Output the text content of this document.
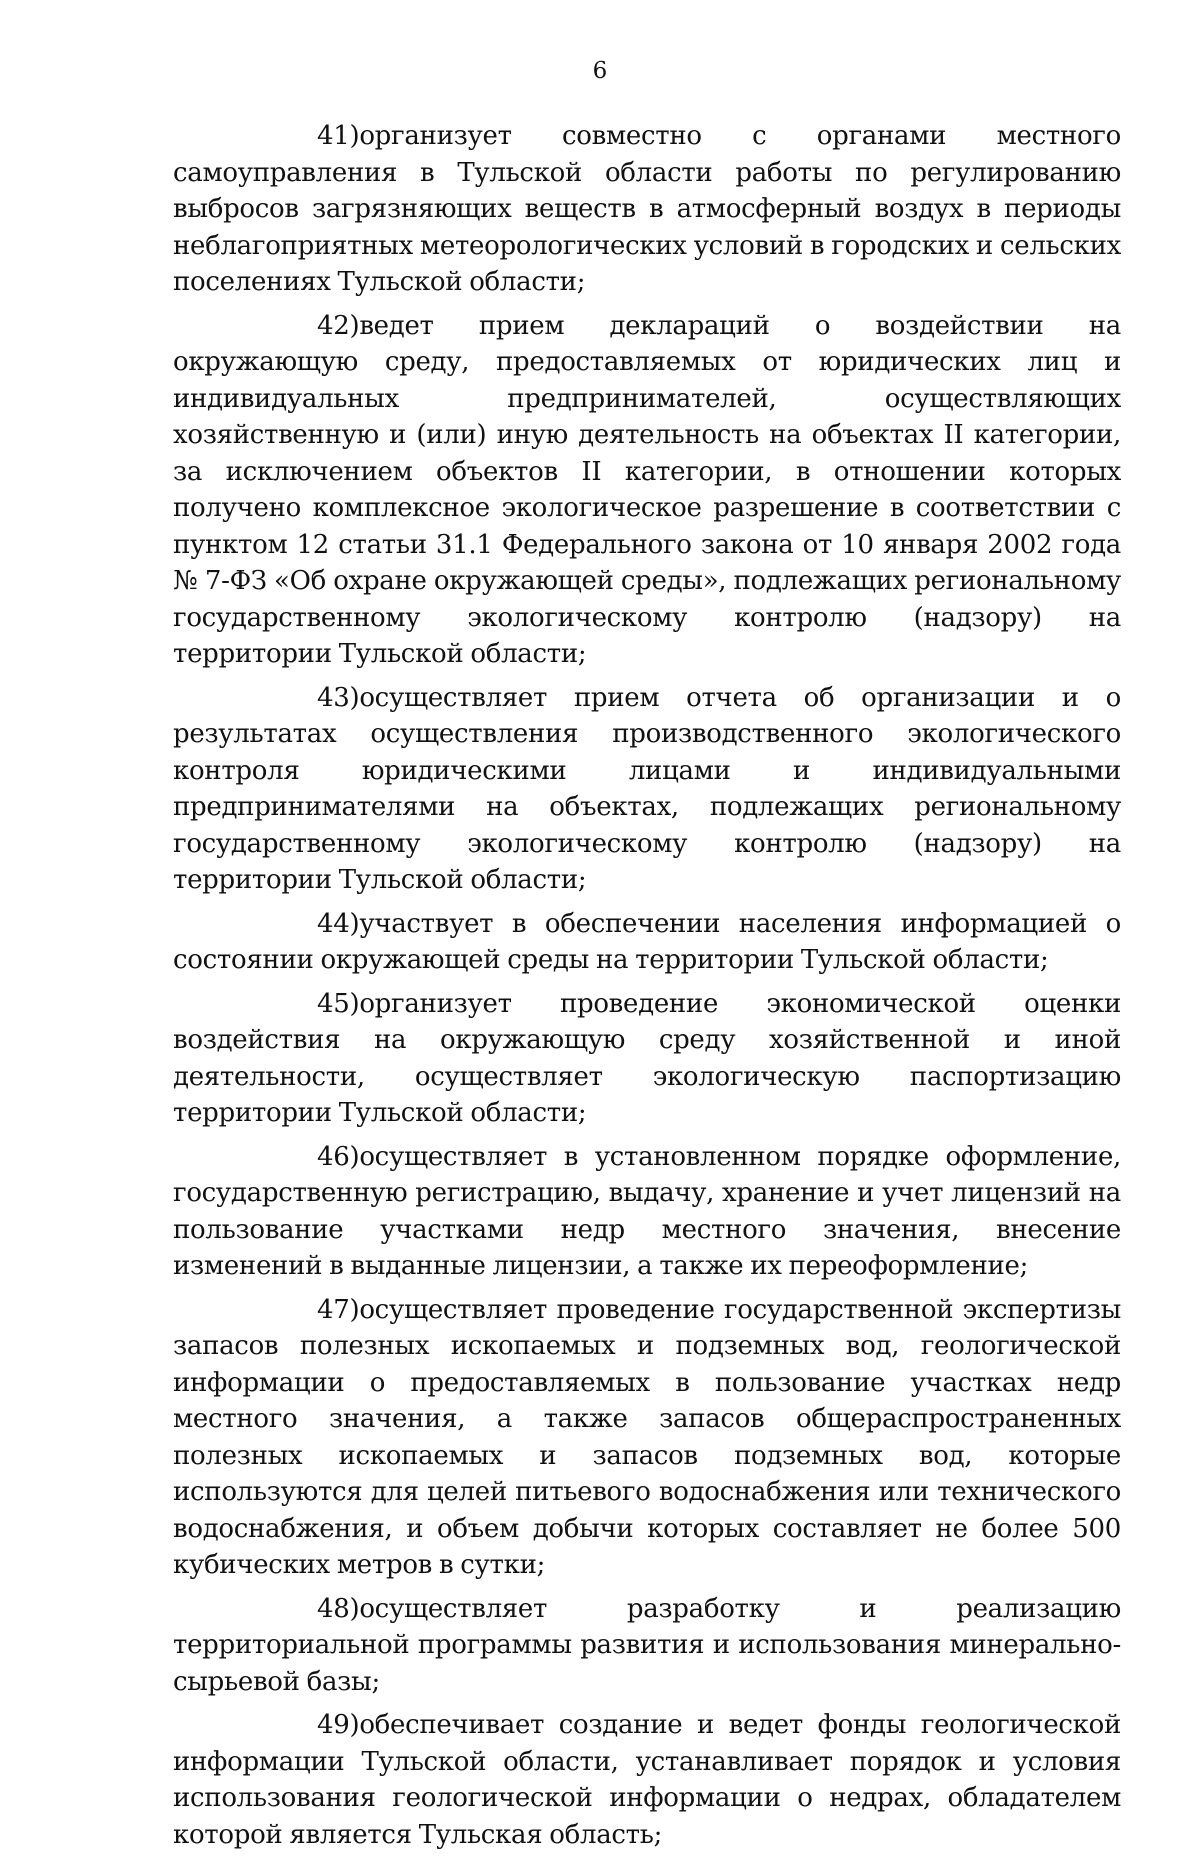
6

41)организует совместно с органами местного самоуправления в Тульской области работы по регулированию выбросов загрязняющих веществ в атмосферный воздух в периоды неблагоприятных метеорологических условий в городских и сельских поселениях Тульской области;

42)ведет прием деклараций о воздействии на окружающую среду, предоставляемых от юридических лиц и индивидуальных предпринимателей, осуществляющих хозяйственную и (или) иную деятельность на объектах II категории, за исключением объектов II категории, в отношении которых получено комплексное экологическое разрешение в соответствии с пунктом 12 статьи 31.1 Федерального закона от 10 января 2002 года № 7-ФЗ «Об охране окружающей среды», подлежащих региональному государственному экологическому контролю (надзору) на территории Тульской области;

43)осуществляет прием отчета об организации и о результатах осуществления производственного экологического контроля юридическими лицами и индивидуальными предпринимателями на объектах, подлежащих региональному государственному экологическому контролю (надзору) на территории Тульской области;

44)участвует в обеспечении населения информацией о состоянии окружающей среды на территории Тульской области;

45)организует проведение экономической оценки воздействия на окружающую среду хозяйственной и иной деятельности, осуществляет экологическую паспортизацию территории Тульской области;

46)осуществляет в установленном порядке оформление, государственную регистрацию, выдачу, хранение и учет лицензий на пользование участками недр местного значения, внесение изменений в выданные лицензии, а также их переоформление;

47)осуществляет проведение государственной экспертизы запасов полезных ископаемых и подземных вод, геологической информации о предоставляемых в пользование участках недр местного значения, а также запасов общераспространенных полезных ископаемых и запасов подземных вод, которые используются для целей питьевого водоснабжения или технического водоснабжения, и объем добычи которых составляет не более 500 кубических метров в сутки;

48)осуществляет разработку и реализацию территориальной программы развития и использования минерально-сырьевой базы;

49)обеспечивает создание и ведет фонды геологической информации Тульской области, устанавливает порядок и условия использования геологической информации о недрах, обладателем которой является Тульская область;
